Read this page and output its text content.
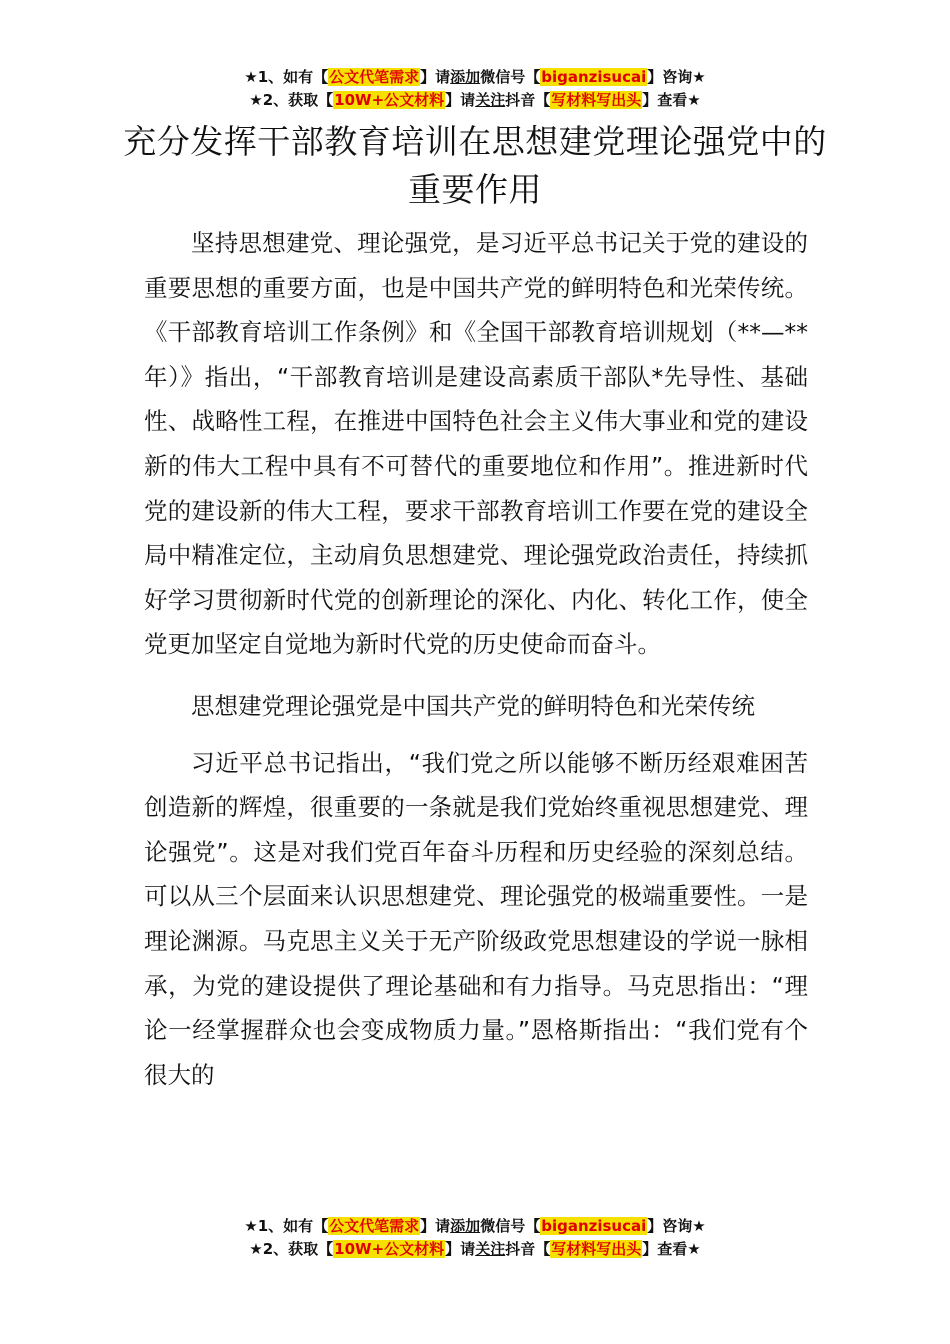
★1、如有【公文代笔需求】请添加微信号【biganzisucai】咨询★
★2、获取【10W+公文材料】请关注抖音【写材料写出头】查看★
充分发挥干部教育培训在思想建党理论强党中的重要作用

坚持思想建党、理论强党，是习近平总书记关于党的建设的重要思想的重要方面，也是中国共产党的鲜明特色和光荣传统。《干部教育培训工作条例》和《全国干部教育培训规划（**—**年）》指出，“干部教育培训是建设高素质干部队*先导性、基础性、战略性工程，在推进中国特色社会主义伟大事业和党的建设新的伟大工程中具有不可替代的重要地位和作用”。推进新时代党的建设新的伟大工程，要求干部教育培训工作要在党的建设全局中精准定位，主动肩负思想建党、理论强党政治责任，持续抓好学习贯彻新时代党的创新理论的深化、内化、转化工作，使全党更加坚定自觉地为新时代党的历史使命而奋斗。

思想建党理论强党是中国共产党的鲜明特色和光荣传统

习近平总书记指出，“我们党之所以能够不断历经艰难困苦创造新的辉煌，很重要的一条就是我们党始终重视思想建党、理论强党”。这是对我们党百年奋斗历程和历史经验的深刻总结。可以从三个层面来认识思想建党、理论强党的极端重要性。一是理论渊源。马克思主义关于无产阶级政党思想建设的学说一脉相承，为党的建设提供了理论基础和有力指导。马克思指出：“理论一经掌握群众也会变成物质力量。”恩格斯指出：“我们党有个很大的

★1、如有【公文代笔需求】请添加微信号【biganzisucai】咨询★
★2、获取【10W+公文材料】请关注抖音【写材料写出头】查看★
